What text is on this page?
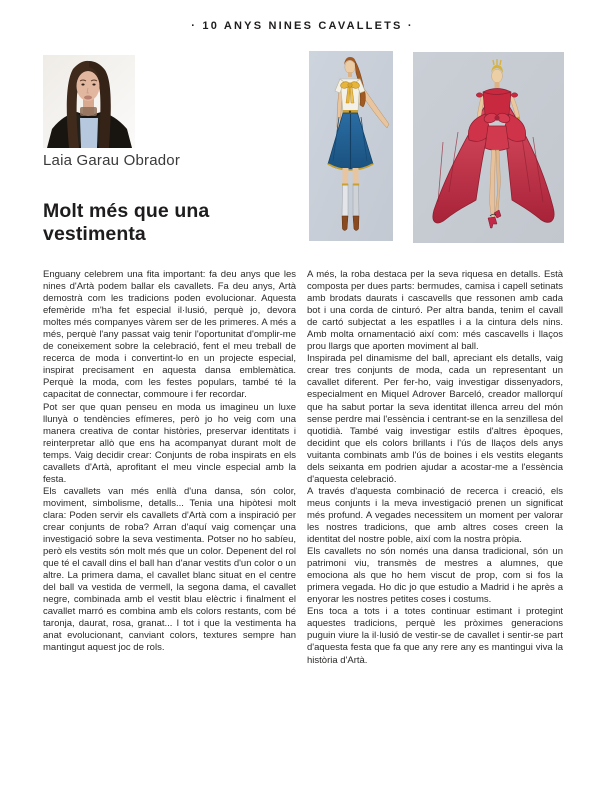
· 10 ANYS NINES CAVALLETS ·
Laia Garau Obrador
Molt més que una vestimenta

Enguany celebrem una fita important: fa deu anys que les nines d'Artà podem ballar els cavallets. Fa deu anys, Artà demostrà com les tradicions poden evolucionar. Aquesta efemèride m'ha fet especial il·lusió, perquè jo, devora moltes més companyes vàrem ser de les primeres. A més a més, perquè l'any passat vaig tenir l'oportunitat d'omplir-me de coneixement sobre la celebració, fent el meu treball de recerca de moda i convertint-lo en un projecte especial, inspirat precisament en aquesta dansa emblemàtica. Perquè la moda, com les festes populars, també té la capacitat de connectar, commoure i fer recordar.

Pot ser que quan penseu en moda us imagineu un luxe llunyà o tendències efímeres, però jo ho veig com una manera creativa de contar històries, preservar identitats i reinterpretar allò que ens ha acompanyat durant molt de temps. Vaig decidir crear: Conjunts de roba inspirats en els cavallets d'Artà, aprofitant el meu vincle especial amb la festa.

Els cavallets van més enllà d'una dansa, són color, moviment, simbolisme, detalls... Tenia una hipòtesi molt clara: Poden servir els cavallets d'Artà com a inspiració per crear conjunts de roba? Arran d'aquí vaig començar una investigació sobre la seva vestimenta. Potser no ho sabíeu, però els vestits són molt més que un color. Depenent del rol que té el cavall dins el ball han d'anar vestits d'un color o un altre. La primera dama, el cavallet blanc situat en el centre del ball va vestida de vermell, la segona dama, el cavallet negre, combinada amb el vestit blau elèctric i finalment el cavallet marró es combina amb els colors restants, com bé taronja, daurat, rosa, granat... I tot i que la vestimenta ha anat evolucionant, canviant colors, textures sempre han mantingut aquest joc de rols.

A més, la roba destaca per la seva riquesa en detalls. Està composta per dues parts: bermudes, camisa i capell setinats amb brodats daurats i cascavells que ressonen amb cada bot i una corda de cinturó. Per altra banda, tenim el cavall de cartó subjectat a les espatlles i a la cintura dels nins. Amb molta ornamentació així com: més cascavells i llaços prou llargs que aporten moviment al ball.

Inspirada pel dinamisme del ball, apreciant els detalls, vaig crear tres conjunts de moda, cada un representant un cavallet diferent. Per fer-ho, vaig investigar dissenyadors, especialment en Miquel Adrover Barceló, creador mallorquí que ha sabut portar la seva identitat illenca arreu del món sense perdre mai l'essència i centrant-se en la senzillesa del quotidià. També vaig investigar estils d'altres èpoques, decidint que els colors brillants i l'ús de llaços dels anys vuitanta combinats amb l'ús de boines i els vestits elegants dels seixanta em podrien ajudar a acostar-me a l'essència d'aquesta celebració.

A través d'aquesta combinació de recerca i creació, els meus conjunts i la meva investigació prenen un significat més profund. A vegades necessitem un moment per valorar les nostres tradicions, que amb altres coses creen la identitat del nostre poble, així com la nostra pròpia.

Els cavallets no són només una dansa tradicional, són un patrimoni viu, transmès de mestres a alumnes, que emociona als que ho hem viscut de prop, com si fos la primera vegada. Ho dic jo que estudio a Madrid i he après a enyorar les nostres petites coses i costums.

Ens toca a tots i a totes continuar estimant i protegint aquestes tradicions, perquè les pròximes generacions puguin viure la il·lusió de vestir-se de cavallet i sentir-se part d'aquesta festa que fa que any rere any es mantingui viva la història d'Artà.
